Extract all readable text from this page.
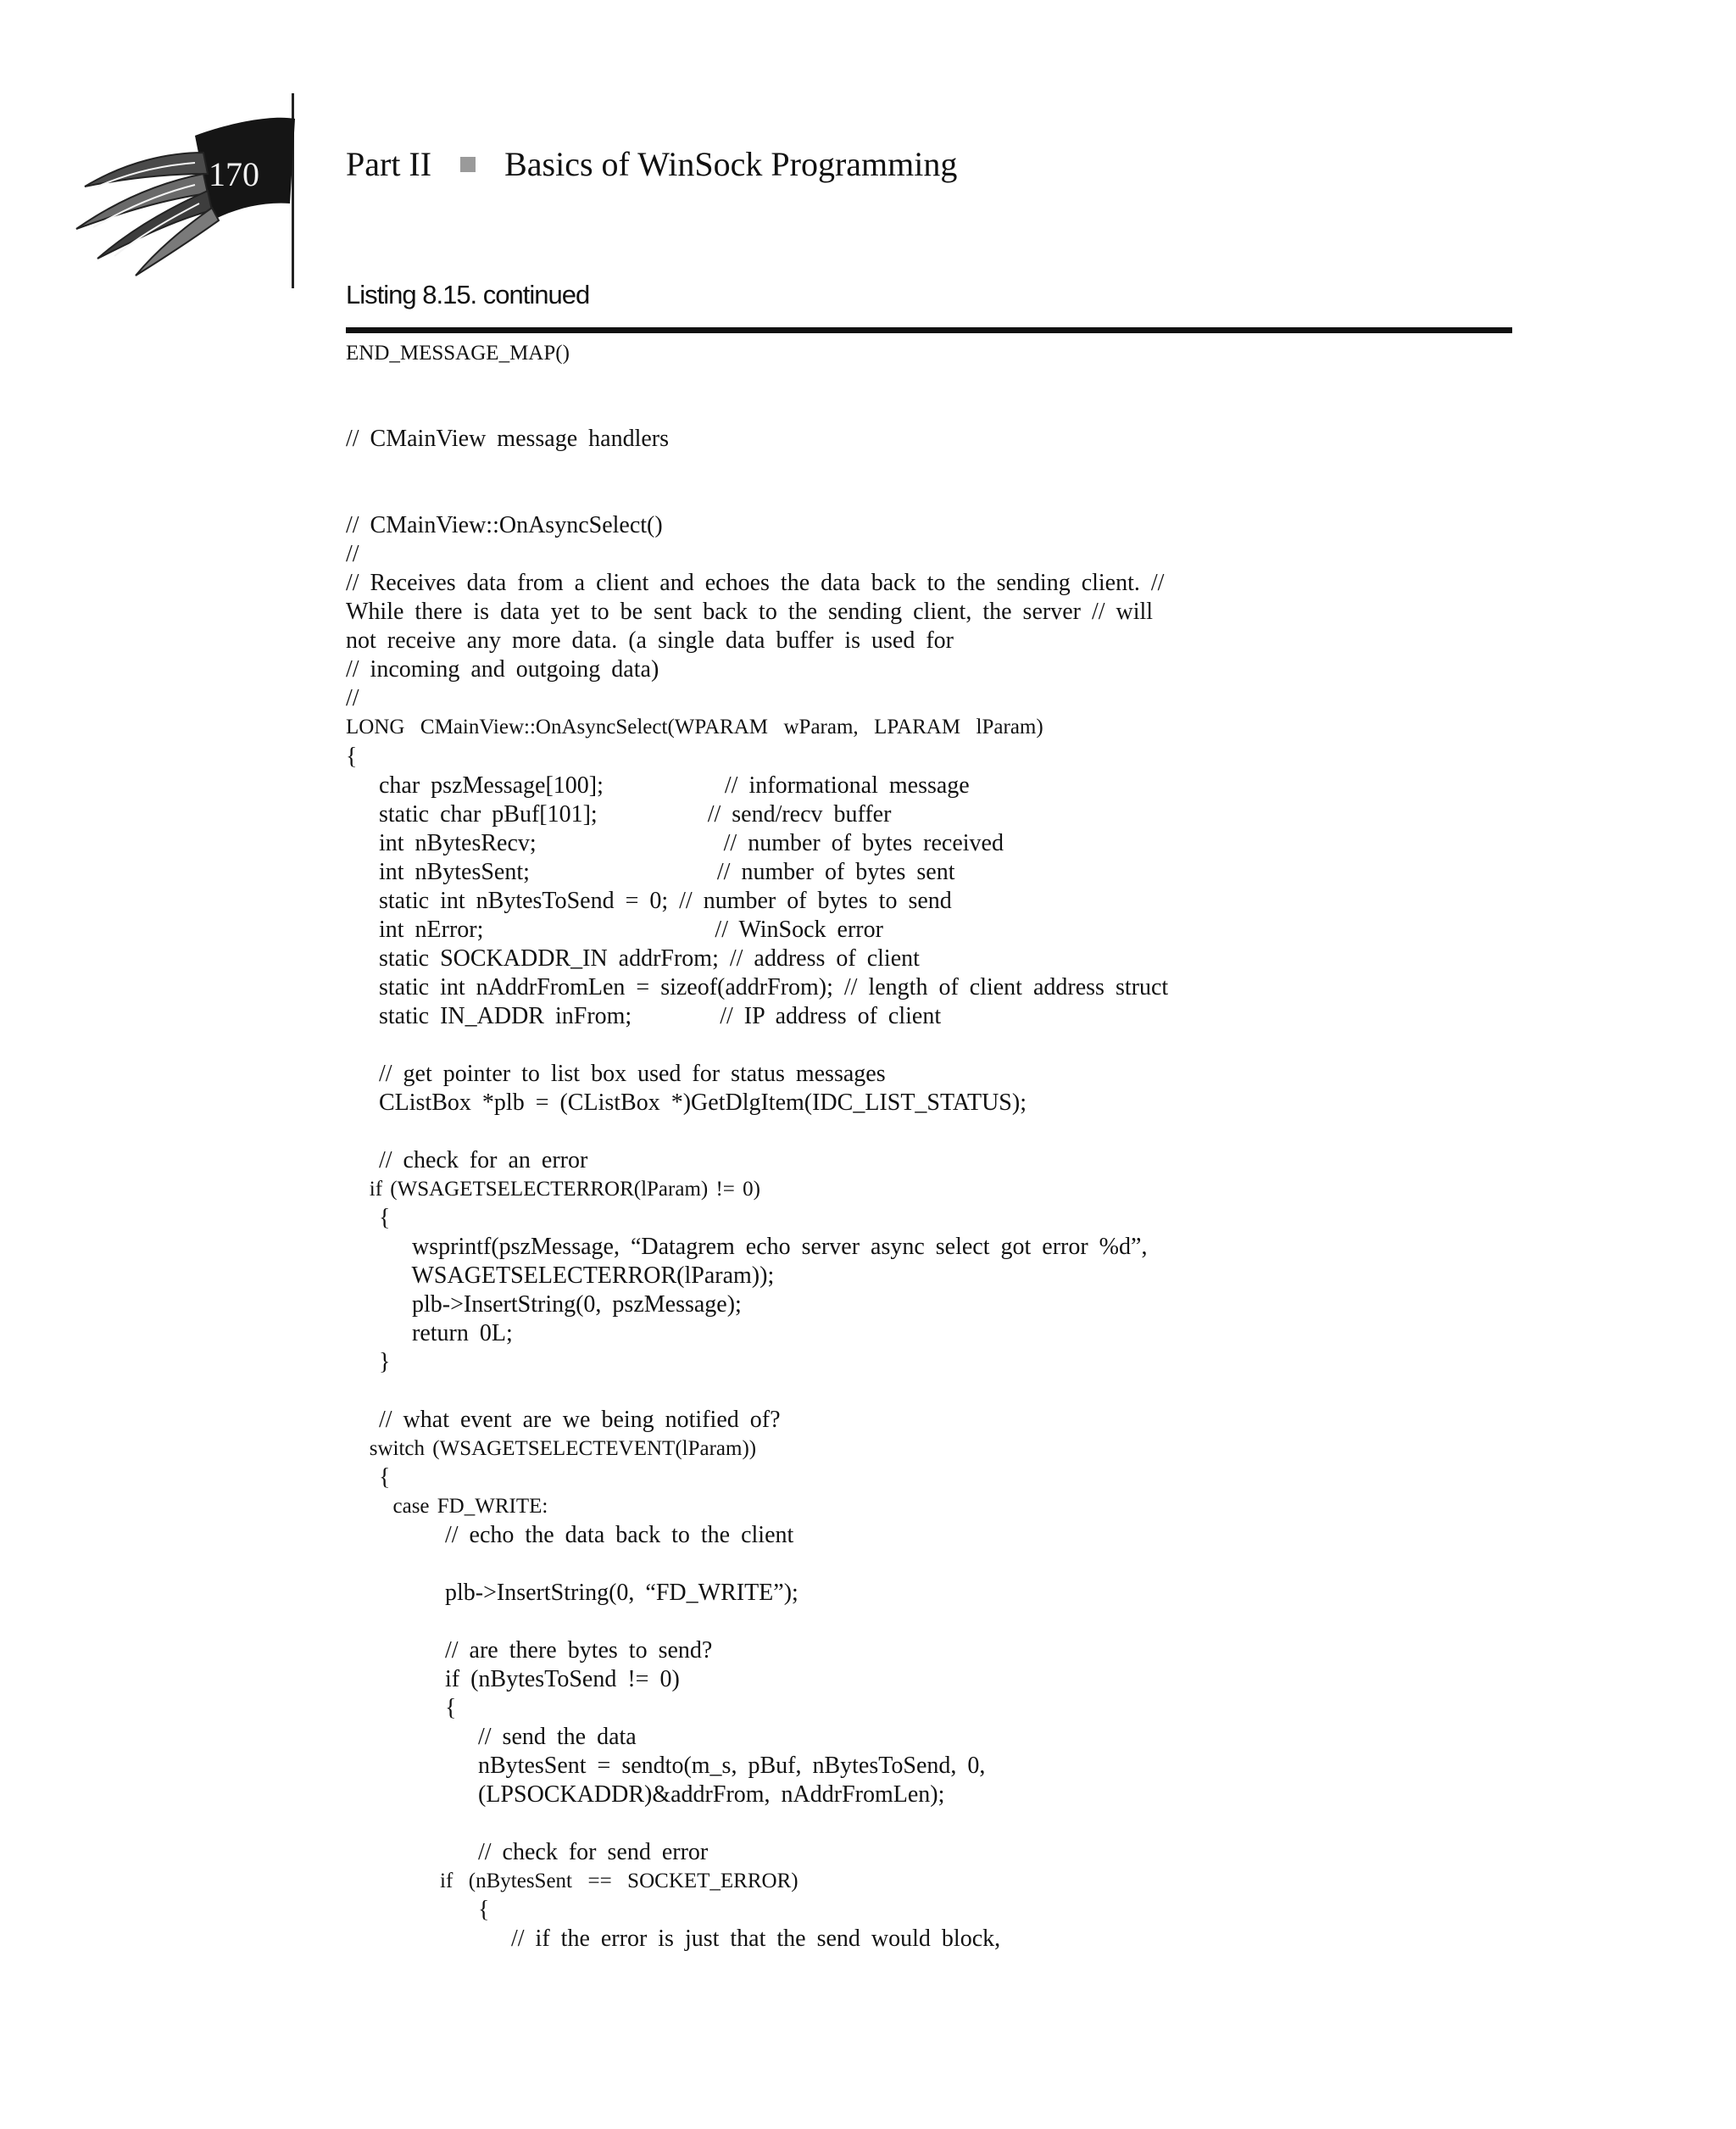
170	Part II Basics of WinSock Programming
Listing 8.15. continued
END_MESSAGE_MAP()
// CMainView message handlers
// CMainView::OnAsyncSelect()
//
// Receives data from a client and echoes the data back to the sending client. //
While there is data yet to be sent back to the sending client, the server // will
not receive any more data. (a single data buffer is used for
// incoming and outgoing data)
//
LONG  CMainView::OnAsyncSelect(WPARAM  wParam,  LPARAM  lParam)
{
char pszMessage[100];           // informational message
static char pBuf[101];          // send/recv buffer
int nBytesRecv;                 // number of bytes received
int nBytesSent;                 // number of bytes sent
static int nBytesToSend = 0; // number of bytes to send
int nError;                     // WinSock error
static SOCKADDR_IN addrFrom; // address of client
static int nAddrFromLen = sizeof(addrFrom); // length of client address struct
static IN_ADDR inFrom;        // IP address of client
// get pointer to list box used for status messages
CListBox *plb = (CListBox *)GetDlgItem(IDC_LIST_STATUS);
// check for an error
if (WSAGETSELECTERROR(lParam) != 0)
{
wsprintf(pszMessage, “Datagrem echo server async select got error %d”,
WSAGETSELECTERROR(lParam));
plb->InsertString(0, pszMessage);
return 0L;
}
// what event are we being notified of?
switch (WSAGETSELECTEVENT(lParam))
{
case FD_WRITE:
// echo the data back to the client
plb->InsertString(0, “FD_WRITE”);
// are there bytes to send?
if (nBytesToSend != 0)
{
// send the data
nBytesSent = sendto(m_s, pBuf, nBytesToSend, 0,
(LPSOCKADDR)&addrFrom, nAddrFromLen);
// check for send error
if  (nBytesSent  ==  SOCKET_ERROR)
{
// if the error is just that the send would block,
